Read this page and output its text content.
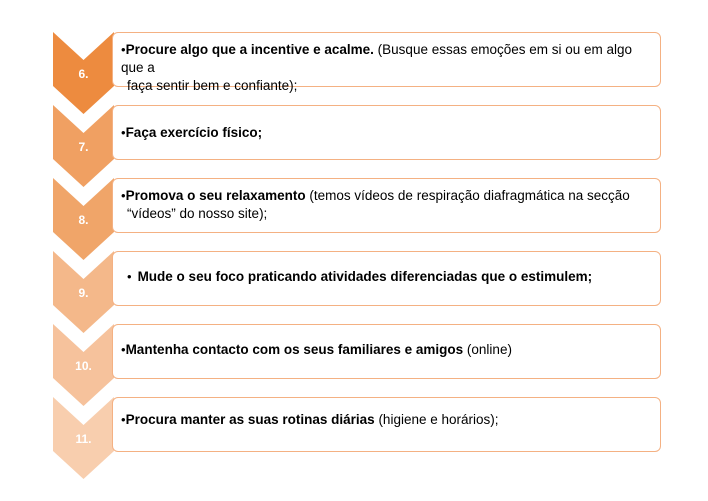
6.
•Procure algo que a incentive e acalme. (Busque essas emoções em si ou em algo que a
faça sentir bem e confiante);
7.
•Faça exercício físico;
8.
•Promova o seu relaxamento (temos vídeos de respiração diafragmática na secção
“vídeos” do nosso site);
9.
• Mude o seu foco praticando atividades diferenciadas que o estimulem;
10.
•Mantenha contacto com os seus familiares e amigos (online)
11.
•Procura manter as suas rotinas diárias (higiene e horários);
